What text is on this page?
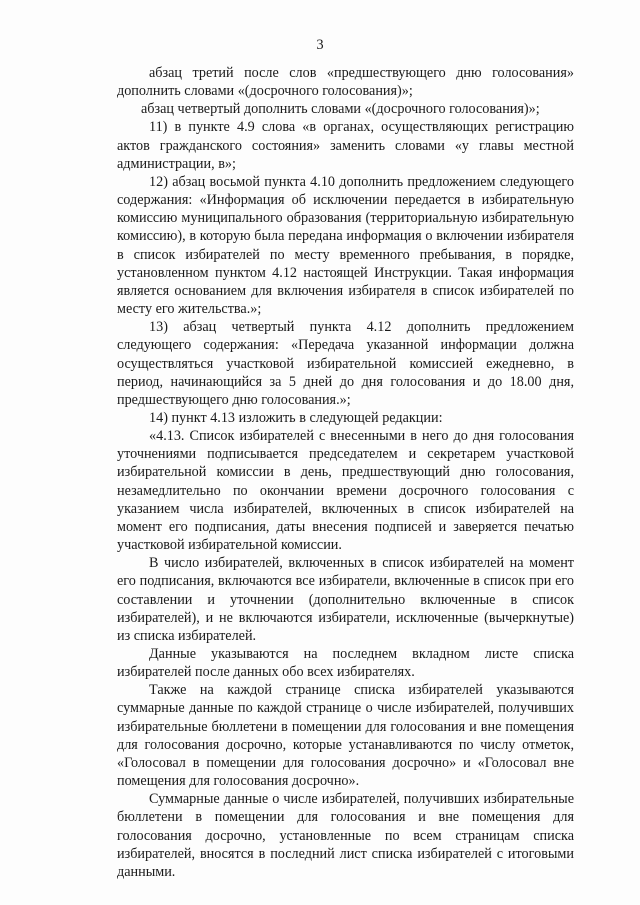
3

абзац третий после слов «предшествующего дню голосования» дополнить словами «(досрочного голосования)»;

абзац четвертый дополнить словами «(досрочного голосования)»;

11) в пункте 4.9 слова «в органах, осуществляющих регистрацию актов гражданского состояния» заменить словами «у главы местной администрации, в»;

12) абзац восьмой пункта 4.10 дополнить предложением следующего содержания: «Информация об исключении передается в избирательную комиссию муниципального образования (территориальную избирательную комиссию), в которую была передана информация о включении избирателя в список избирателей по месту временного пребывания, в порядке, установленном пунктом 4.12 настоящей Инструкции. Такая информация является основанием для включения избирателя в список избирателей по месту его жительства.»;

13) абзац четвертый пункта 4.12 дополнить предложением следующего содержания: «Передача указанной информации должна осуществляться участковой избирательной комиссией ежедневно, в период, начинающийся за 5 дней до дня голосования и до 18.00 дня, предшествующего дню голосования.»;

14) пункт 4.13 изложить в следующей редакции:

«4.13. Список избирателей с внесенными в него до дня голосования уточнениями подписывается председателем и секретарем участковой избирательной комиссии в день, предшествующий дню голосования, незамедлительно по окончании времени досрочного голосования с указанием числа избирателей, включенных в список избирателей на момент его подписания, даты внесения подписей и заверяется печатью участковой избирательной комиссии.

В число избирателей, включенных в список избирателей на момент его подписания, включаются все избиратели, включенные в список при его составлении и уточнении (дополнительно включенные в список избирателей), и не включаются избиратели, исключенные (вычеркнутые) из списка избирателей.

Данные указываются на последнем вкладном листе списка избирателей после данных обо всех избирателях.

Также на каждой странице списка избирателей указываются суммарные данные по каждой странице о числе избирателей, получивших избирательные бюллетени в помещении для голосования и вне помещения для голосования досрочно, которые устанавливаются по числу отметок, «Голосовал в помещении для голосования досрочно» и «Голосовал вне помещения для голосования досрочно».

Суммарные данные о числе избирателей, получивших избирательные бюллетени в помещении для голосования и вне помещения для голосования досрочно, установленные по всем страницам списка избирателей, вносятся в последний лист списка избирателей с итоговыми данными.
